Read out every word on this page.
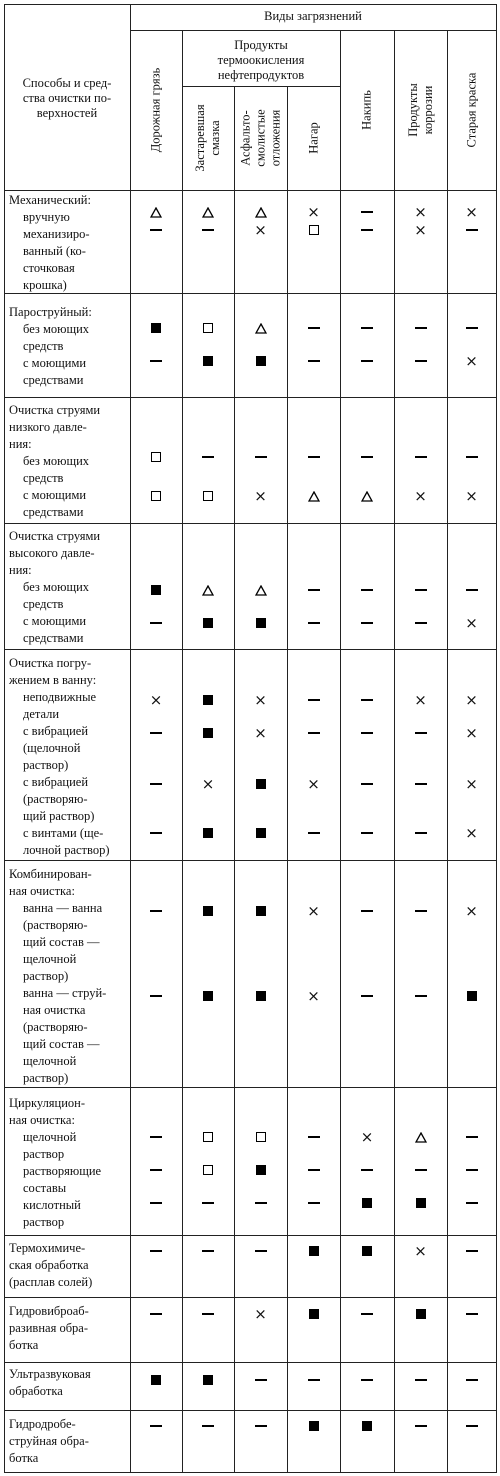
Виды загрязнений
Способы и сред-
ства очистки по-
верхностей
Продукты
термоокисления
нефтепродуктов
Дорожная грязь Застаревшая
смазка Асфальто-
смолистые
отложения Нагар
Накипь	Продукты
коррозии Старая краска
Механический:
вручную
механизиро-
ванный (ко-
сточковая
крошка)
×
×
×
×
×
Пароструйный:
без моющих
средств
с моющими
средствами
×
Очистка струями
низкого давле-
ния:
без моющих
средств
с моющими
средствами
×
×
×
Очистка струями
высокого давле-
ния:
без моющих
средств
с моющими
средствами
×
Очистка погру-
жением в ванну:
неподвижные
детали
с вибрацией
(щелочной
раствор)
с вибрацией
(растворяю-
щий раствор)
с винтами (ще-
лочной раствор)
×
×
×
×
×
×
×
×
×
×
Комбинирован-
ная очистка:
ванна — ванна
(растворяю-
щий состав —
щелочной
раствор)
ванна — струй-
ная очистка
(растворяю-
щий состав —
щелочной
раствор)
×
×
×
Циркуляцион-
ная очистка:
щелочной
раствор
растворяющие
составы
кислотный
раствор
×
Термохимиче-
ская обработка
(расплав солей)
×
Гидровиброаб-
разивная обра-
ботка
×
Ультразвуковая
обработка
Гидродробе-
струйная обра-
ботка
